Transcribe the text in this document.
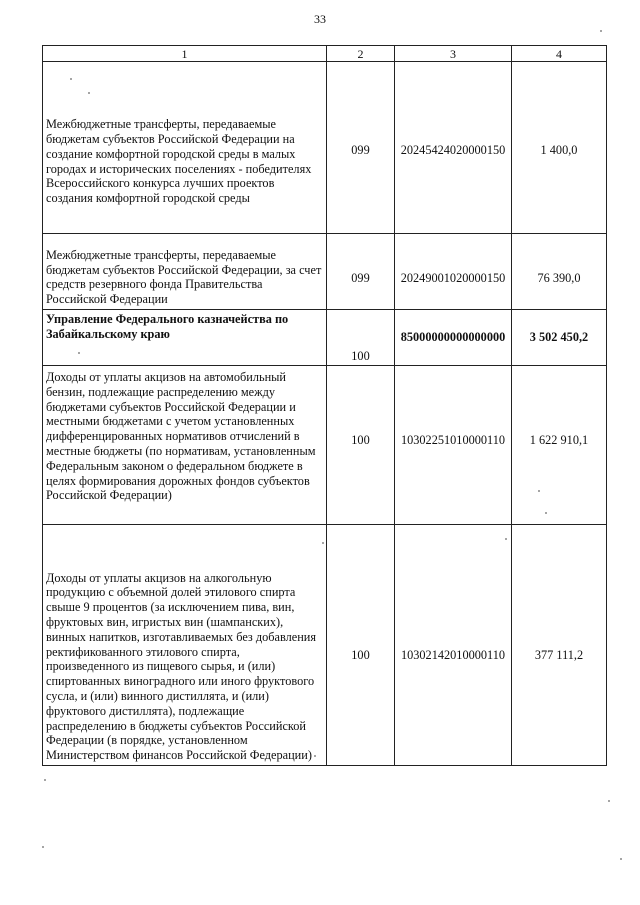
33
1	2	3	4
Межбюджетные трансферты, передаваемые бюджетам субъектов Российской Федерации на создание комфортной городской среды в малых городах и исторических поселениях - победителях Всероссийского конкурса лучших проектов создания комфортной городской среды	099	20245424020000150	1 400,0
Межбюджетные трансферты, передаваемые бюджетам субъектов Российской Федерации, за счет средств резервного фонда Правительства Российской Федерации	099	20249001020000150	76 390,0
Управление Федерального казначейства по Забайкальскому краю	100	85000000000000000	3 502 450,2
Доходы от уплаты акцизов на автомобильный бензин, подлежащие распределению между бюджетами субъектов Российской Федерации и местными бюджетами с учетом установленных дифференцированных нормативов отчислений в местные бюджеты (по нормативам, установленным Федеральным законом о федеральном бюджете в целях формирования дорожных фондов субъектов Российской Федерации)	100	10302251010000110	1 622 910,1
Доходы от уплаты акцизов на алкогольную продукцию с объемной долей этилового спирта свыше 9 процентов (за исключением пива, вин, фруктовых вин, игристых вин (шампанских), винных напитков, изготавливаемых без добавления ректификованного этилового спирта, произведенного из пищевого сырья, и (или) спиртованных виноградного или иного фруктового сусла, и (или) винного дистиллята, и (или) фруктового дистиллята), подлежащие распределению в бюджеты субъектов Российской Федерации (в порядке, установленном Министерством финансов Российской Федерации)	100	10302142010000110	377 111,2
